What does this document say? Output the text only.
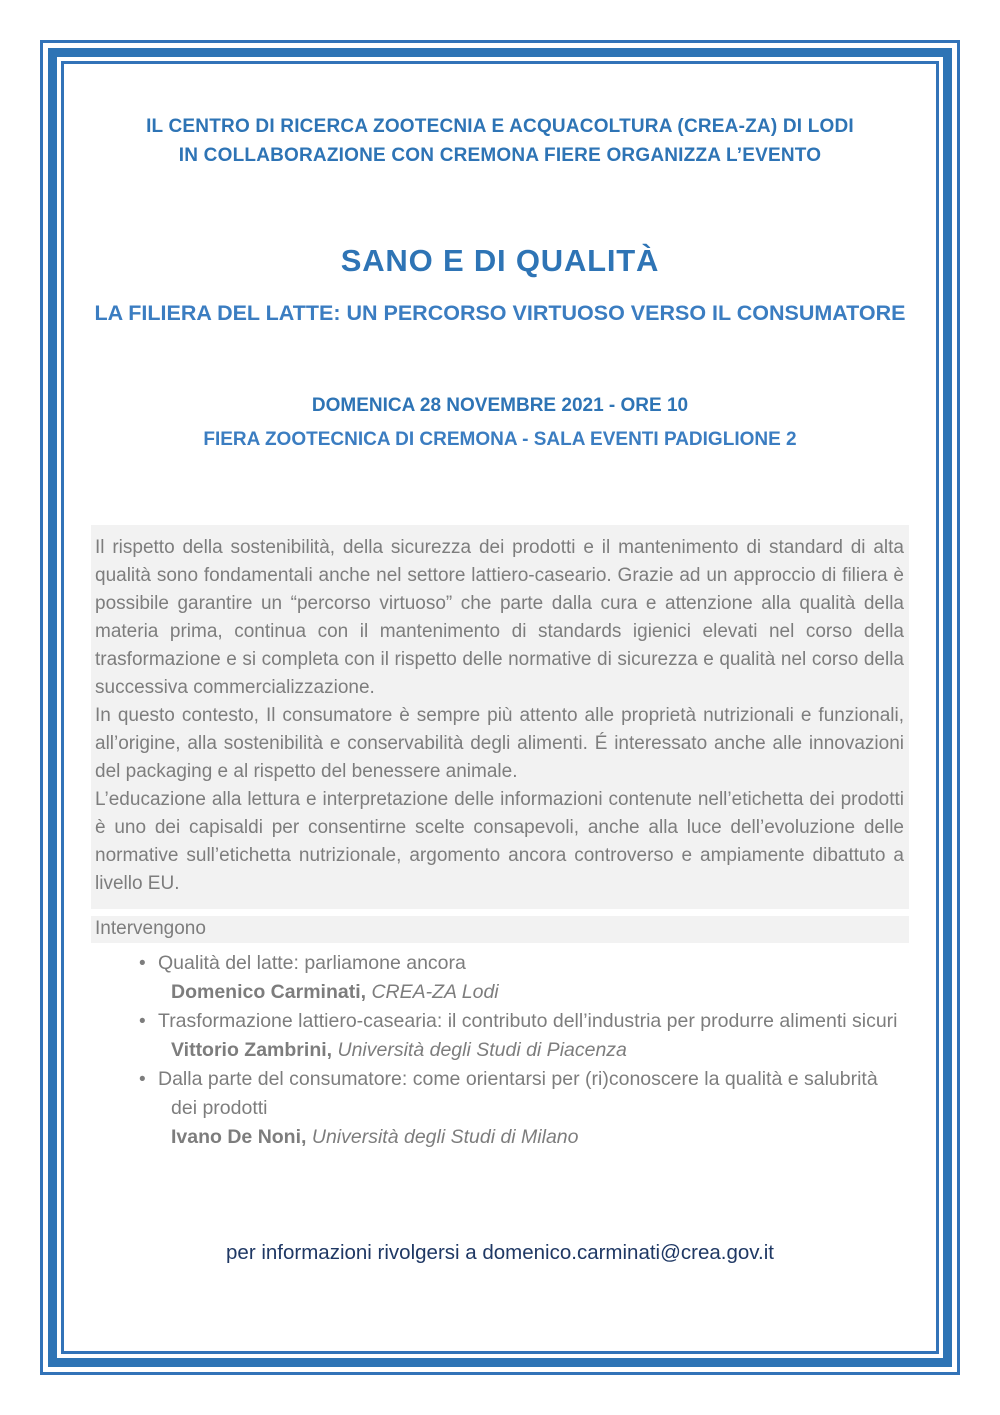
IL CENTRO DI RICERCA ZOOTECNIA E ACQUACOLTURA (CREA-ZA) DI LODI
IN COLLABORAZIONE CON CREMONA FIERE ORGANIZZA L’EVENTO
SANO E DI QUALITÀ
LA FILIERA DEL LATTE: UN PERCORSO VIRTUOSO VERSO IL CONSUMATORE
DOMENICA 28 NOVEMBRE 2021 - ORE 10
FIERA ZOOTECNICA DI CREMONA - SALA EVENTI PADIGLIONE 2

Il rispetto della sostenibilità, della sicurezza dei prodotti e il mantenimento di standard di alta qualità sono fondamentali anche nel settore lattiero-caseario. Grazie ad un approccio di filiera è possibile garantire un “percorso virtuoso” che parte dalla cura e attenzione alla qualità della materia prima, continua con il mantenimento di standards igienici elevati nel corso della trasformazione e si completa con il rispetto delle normative di sicurezza e qualità nel corso della successiva commercializzazione.

In questo contesto, Il consumatore è sempre più attento alle proprietà nutrizionali e funzionali, all’origine, alla sostenibilità e conservabilità degli alimenti. É interessato anche alle innovazioni del packaging e al rispetto del benessere animale.

L’educazione alla lettura e interpretazione delle informazioni contenute nell’etichetta dei prodotti è uno dei capisaldi per consentirne scelte consapevoli, anche alla luce dell’evoluzione delle normative sull’etichetta nutrizionale, argomento ancora controverso e ampiamente dibattuto a livello EU.

Intervengono
• Qualità del latte: parliamone ancora
Domenico Carminati, CREA-ZA Lodi
• Trasformazione lattiero-casearia: il contributo dell’industria per produrre alimenti sicuri
Vittorio Zambrini, Università degli Studi di Piacenza
• Dalla parte del consumatore: come orientarsi per (ri)conoscere la qualità e salubrità dei prodotti
Ivano De Noni, Università degli Studi di Milano
per informazioni rivolgersi a domenico.carminati@crea.gov.it
